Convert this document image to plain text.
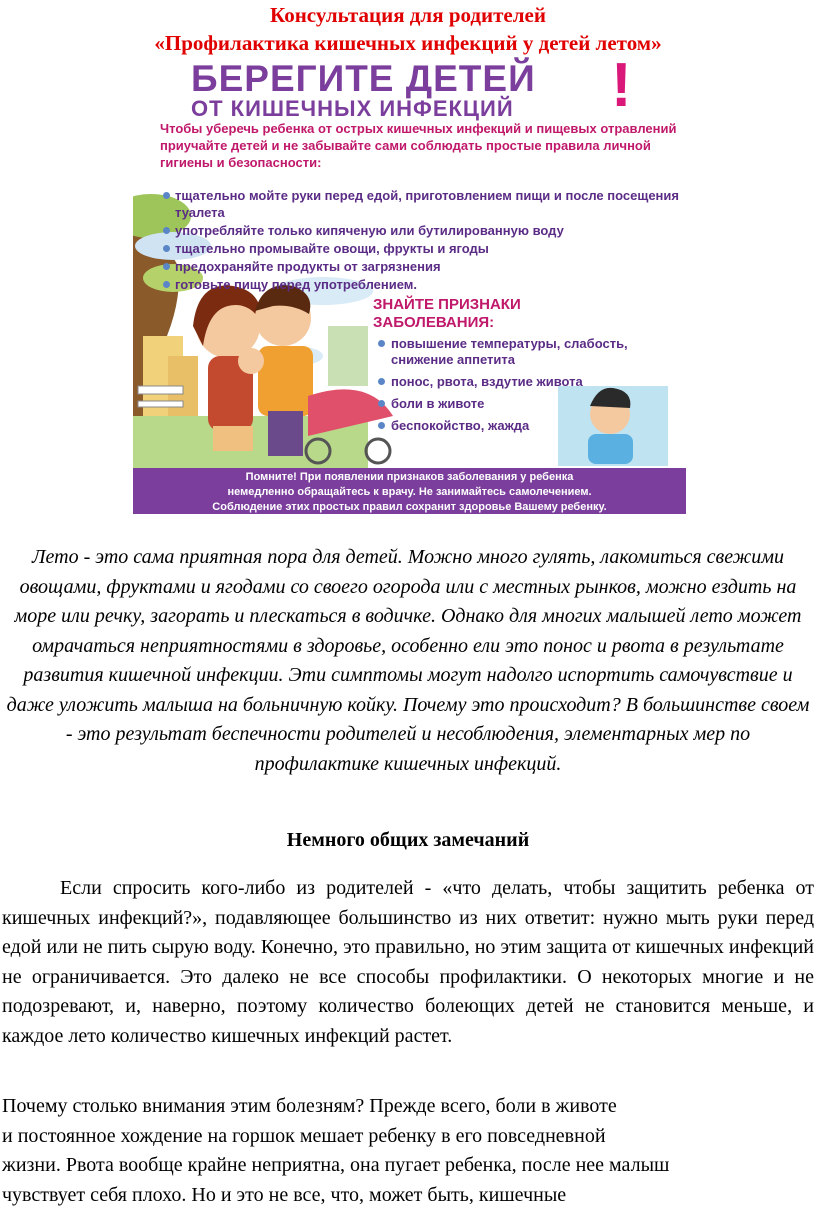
Консультация для родителей
«Профилактика кишечных инфекций у детей летом»
БЕРЕГИТЕ ДЕТЕЙ !
ОТ КИШЕЧНЫХ ИНФЕКЦИЙ
Чтобы уберечь ребенка от острых кишечных инфекций и пищевых отравлений приучайте детей и не забывайте сами соблюдать простые правила личной гигиены и безопасности:
тщательно мойте руки перед едой, приготовлением пищи и после посещения туалета
употребляйте только кипяченую или бутилированную воду
тщательно промывайте овощи, фрукты и ягоды
предохраняйте продукты от загрязнения
готовьте пищу перед употреблением.
ЗНАЙТЕ ПРИЗНАКИ
ЗАБОЛЕВАНИЯ:
повышение температуры, слабость, снижение аппетита
понос, рвота, вздутие живота
боли в животе
беспокойство, жажда
Помните! При появлении признаков заболевания у ребенка
немедленно обращайтесь к врачу. Не занимайтесь самолечением.
Соблюдение этих простых правил сохранит здоровье Вашему ребенку.
Лето - это сама приятная пора для детей. Можно много гулять, лакомиться свежими овощами, фруктами и ягодами со своего огорода или с местных рынков, можно ездить на море или речку, загорать и плескаться в водичке. Однако для многих малышей лето может омрачаться неприятностями в здоровье, особенно ели это понос и рвота в результате развития кишечной инфекции. Эти симптомы могут надолго испортить самочувствие и даже уложить малыша на больничную койку. Почему это происходит? В большинстве своем - это результат беспечности родителей и несоблюдения, элементарных мер по профилактике кишечных инфекций.
Немного общих замечаний
Если спросить кого-либо из родителей - «что делать, чтобы защитить ребенка от кишечных инфекций?», подавляющее большинство из них ответит: нужно мыть руки перед едой или не пить сырую воду. Конечно, это правильно, но этим защита от кишечных инфекций не ограничивается. Это далеко не все способы профилактики. О некоторых многие и не подозревают, и, наверно, поэтому количество болеющих детей не становится меньше, и каждое лето количество кишечных инфекций растет.
Почему столько внимания этим болезням? Прежде всего, боли в животе
и постоянное хождение на горшок мешает ребенку в его повседневной
жизни. Рвота вообще крайне неприятна, она пугает ребенка, после нее малыш
чувствует себя плохо. Но и это не все, что, может быть, кишечные
